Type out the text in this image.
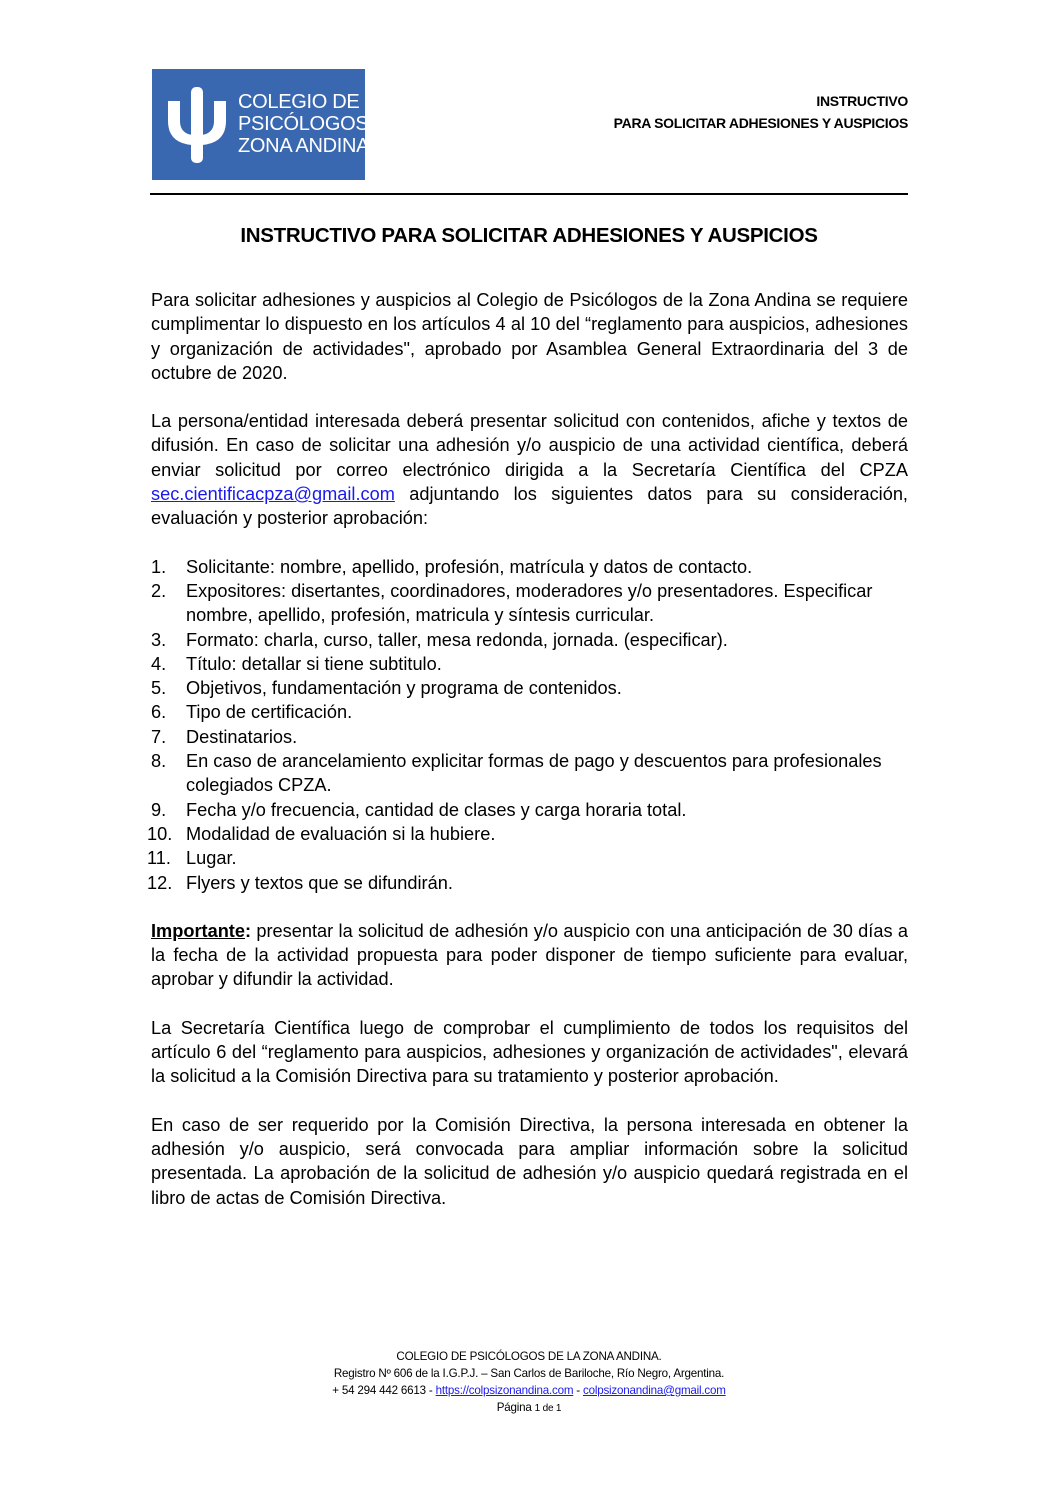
COLEGIO DE
PSICÓLOGOS
ZONA ANDINA
INSTRUCTIVO
PARA SOLICITAR ADHESIONES Y AUSPICIOS
INSTRUCTIVO PARA SOLICITAR ADHESIONES Y AUSPICIOS

Para solicitar adhesiones y auspicios al Colegio de Psicólogos de la Zona Andina se requiere cumplimentar lo dispuesto en los artículos 4 al 10 del “reglamento para auspicios, adhesiones y organización de actividades", aprobado por Asamblea General Extraordinaria del 3 de octubre de 2020.

La persona/entidad interesada deberá presentar solicitud con contenidos, afiche y textos de difusión. En caso de solicitar una adhesión y/o auspicio de una actividad científica, deberá enviar solicitud por correo electrónico dirigida a la Secretaría Científica del CPZA sec.cientificacpza@gmail.com adjuntando los siguientes datos para su consideración, evaluación y posterior aprobación:

1.	Solicitante: nombre, apellido, profesión, matrícula y datos de contacto.
2.	Expositores: disertantes, coordinadores, moderadores y/o presentadores. Especificar nombre, apellido, profesión, matricula y síntesis curricular.
3.	Formato: charla, curso, taller, mesa redonda, jornada. (especificar).
4.	Título: detallar si tiene subtitulo.
5.	Objetivos, fundamentación y programa de contenidos.
6.	Tipo de certificación.
7.	Destinatarios.
8.	En caso de arancelamiento explicitar formas de pago y descuentos para profesionales colegiados CPZA.
9.	Fecha y/o frecuencia, cantidad de clases y carga horaria total.
10. Modalidad de evaluación si la hubiere.
11. Lugar.
12. Flyers y textos que se difundirán.

Importante: presentar la solicitud de adhesión y/o auspicio con una anticipación de 30 días a la fecha de la actividad propuesta para poder disponer de tiempo suficiente para evaluar, aprobar y difundir la actividad.

La Secretaría Científica luego de comprobar el cumplimiento de todos los requisitos del artículo 6 del “reglamento para auspicios, adhesiones y organización de actividades", elevará la solicitud a la Comisión Directiva para su tratamiento y posterior aprobación.

En caso de ser requerido por la Comisión Directiva, la persona interesada en obtener la adhesión y/o auspicio, será convocada para ampliar información sobre la solicitud presentada. La aprobación de la solicitud de adhesión y/o auspicio quedará registrada en el libro de actas de Comisión Directiva.

COLEGIO DE PSICÓLOGOS DE LA ZONA ANDINA.
Registro Nº 606 de la I.G.P.J. – San Carlos de Bariloche, Río Negro, Argentina.
+ 54 294 442 6613 - https://colpsizonandina.com - colpsizonandina@gmail.com
Página 1 de 1
